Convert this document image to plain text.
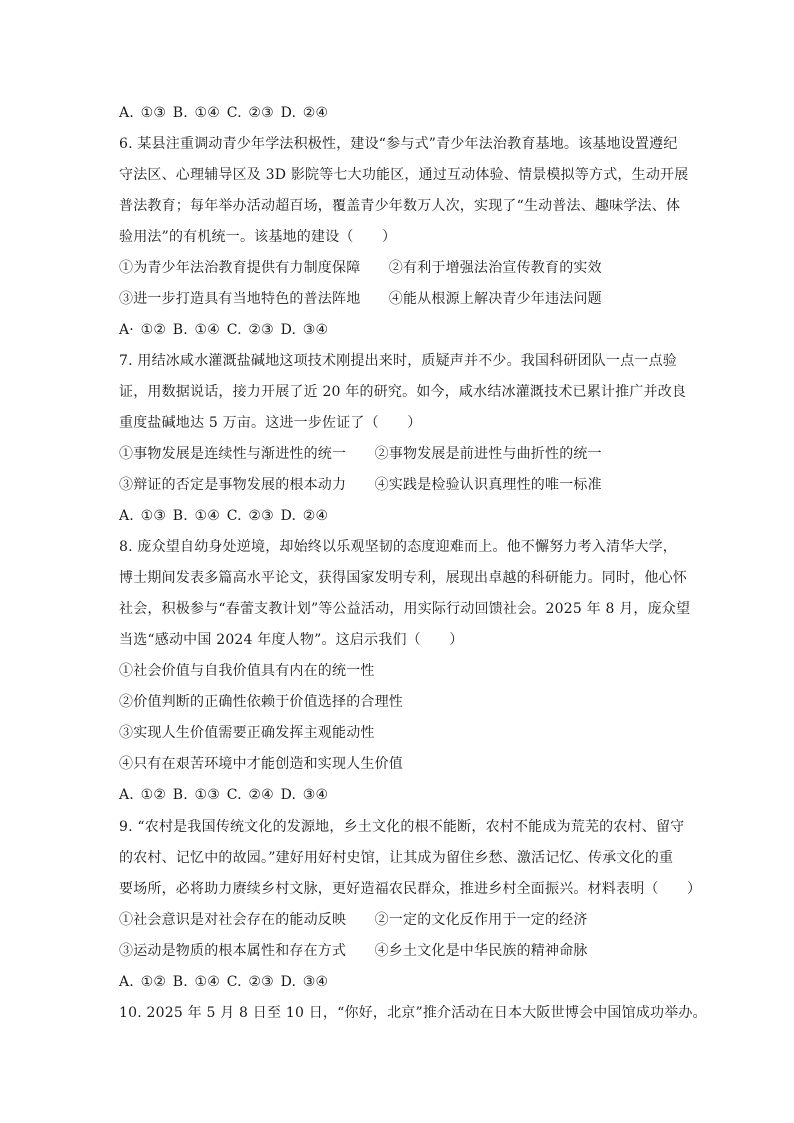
A. ①③ B. ①④ C. ②③ D. ②④
6. 某县注重调动青少年学法积极性，建设“参与式”青少年法治教育基地。该基地设置遵纪
守法区、心理辅导区及 3D 影院等七大功能区，通过互动体验、情景模拟等方式，生动开展
普法教育；每年举办活动超百场，覆盖青少年数万人次，实现了“生动普法、趣味学法、体
验用法”的有机统一。该基地的建设（　　）
①为青少年法治教育提供有力制度保障　　②有利于增强法治宣传教育的实效
③进一步打造具有当地特色的普法阵地　　④能从根源上解决青少年违法问题
A· ①② B. ①④ C. ②③ D. ③④
7. 用结冰咸水灌溉盐碱地这项技术刚提出来时，质疑声并不少。我国科研团队一点一点验
证，用数据说话，接力开展了近 20 年的研究。如今，咸水结冰灌溉技术已累计推广并改良
重度盐碱地达 5 万亩。这进一步佐证了（　　）
①事物发展是连续性与渐进性的统一　　②事物发展是前进性与曲折性的统一
③辩证的否定是事物发展的根本动力　　④实践是检验认识真理性的唯一标准
A. ①③ B. ①④ C. ②③ D. ②④
8. 庞众望自幼身处逆境，却始终以乐观坚韧的态度迎难而上。他不懈努力考入清华大学，
博士期间发表多篇高水平论文，获得国家发明专利，展现出卓越的科研能力。同时，他心怀
社会，积极参与“春蕾支教计划”等公益活动，用实际行动回馈社会。2025 年 8 月，庞众望
当选“感动中国 2024 年度人物”。这启示我们（　　）
①社会价值与自我价值具有内在的统一性
②价值判断的正确性依赖于价值选择的合理性
③实现人生价值需要正确发挥主观能动性
④只有在艰苦环境中才能创造和实现人生价值
A. ①② B. ①③ C. ②④ D. ③④
9. “农村是我国传统文化的发源地，乡土文化的根不能断，农村不能成为荒芜的农村、留守
的农村、记忆中的故园。”建好用好村史馆，让其成为留住乡愁、激活记忆、传承文化的重
要场所，必将助力赓续乡村文脉，更好造福农民群众，推进乡村全面振兴。材料表明（　　）
①社会意识是对社会存在的能动反映　　②一定的文化反作用于一定的经济
③运动是物质的根本属性和存在方式　　④乡土文化是中华民族的精神命脉
A. ①② B. ①④ C. ②③ D. ③④
10. 2025 年 5 月 8 日至 10 日，“你好，北京”推介活动在日本大阪世博会中国馆成功举办。
